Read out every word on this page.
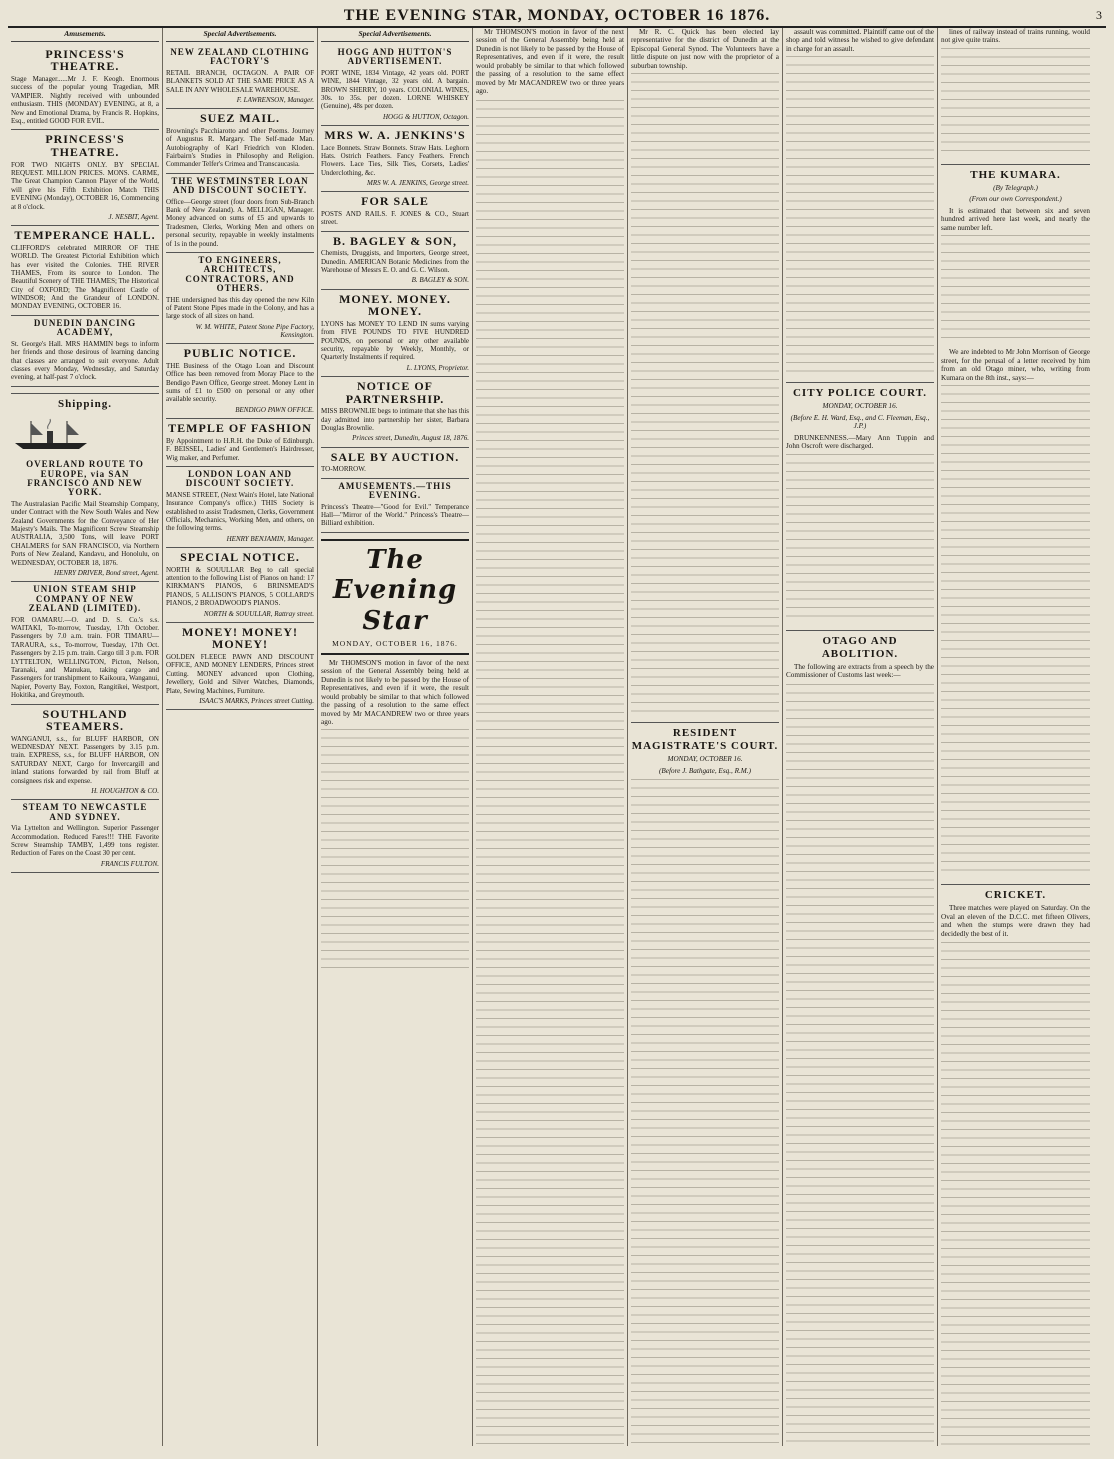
THE EVENING STAR, MONDAY, OCTOBER 16 1876.	3
Amusements.
PRINCESS'S THEATRE.
Stage Manager......Mr J. F. Keogh. Enormous success of the popular young Tragedian, MR VAMPIER. Nightly received with unbounded enthusiasm. THIS (MONDAY) EVENING, at 8, a New and Emotional Drama, by Francis R. Hopkins, Esq., entitled GOOD FOR EVIL.
PRINCESS'S THEATRE.
FOR TWO NIGHTS ONLY. BY SPECIAL REQUEST. MILLION PRICES. MONS. CARME, The Great Champion Cannon Player of the World, will give his Fifth Exhibition Match THIS EVENING (Monday), OCTOBER 16, Commencing at 8 o'clock.
J. NESBIT, Agent.
TEMPERANCE HALL.
CLIFFORD'S celebrated MIRROR OF THE WORLD. The Greatest Pictorial Exhibition which has ever visited the Colonies. THE RIVER THAMES, From its source to London. The Beautiful Scenery of THE THAMES; The Historical City of OXFORD; The Magnificent Castle of WINDSOR; And the Grandeur of LONDON. MONDAY EVENING, OCTOBER 16.
DUNEDIN DANCING ACADEMY,
St. George's Hall. MRS HAMMIN begs to inform her friends and those desirous of learning dancing that classes are arranged to suit everyone. Adult classes every Monday, Wednesday, and Saturday evening, at half-past 7 o'clock.
Shipping.
OVERLAND ROUTE TO EUROPE, via SAN FRANCISCO AND NEW YORK.
The Australasian Pacific Mail Steamship Company, under Contract with the New South Wales and New Zealand Governments for the Conveyance of Her Majesty's Mails. The Magnificent Screw Steamship AUSTRALIA, 3,500 Tons, will leave PORT CHALMERS for SAN FRANCISCO, via Northern Ports of New Zealand, Kandavu, and Honolulu, on WEDNESDAY, OCTOBER 18, 1876.
HENRY DRIVER, Bond street, Agent.
UNION STEAM SHIP COMPANY OF NEW ZEALAND (LIMITED).
FOR OAMARU.—O. and D. S. Co.'s s.s. WAITAKI, To-morrow, Tuesday, 17th October. Passengers by 7.0 a.m. train. FOR TIMARU—TARAURA, s.s., To-morrow, Tuesday, 17th Oct. Passengers by 2.15 p.m. train. Cargo till 3 p.m. FOR LYTTELTON, WELLINGTON, Picton, Nelson, Taranaki, and Manukau, taking cargo and Passengers for transhipment to Kaikoura, Wanganui, Napier, Poverty Bay, Foxton, Rangitikei, Westport, Hokitika, and Greymouth.
SOUTHLAND STEAMERS.
WANGANUI, s.s., for BLUFF HARBOR, ON WEDNESDAY NEXT. Passengers by 3.15 p.m. train. EXPRESS, s.s., for BLUFF HARBOR, ON SATURDAY NEXT, Cargo for Invercargill and inland stations forwarded by rail from Bluff at consignees risk and expense.
H. HOUGHTON & CO.
STEAM TO NEWCASTLE AND SYDNEY.
Via Lyttelton and Wellington. Superior Passenger Accommodation. Reduced Fares!!! THE Favorite Screw Steamship TAMBY, 1,499 tons register. Reduction of Fares on the Coast 30 per cent.
FRANCIS FULTON.
Special Advertisements.
NEW ZEALAND CLOTHING FACTORY'S
RETAIL BRANCH, OCTAGON. A PAIR OF BLANKETS SOLD AT THE SAME PRICE AS A SALE IN ANY WHOLESALE WAREHOUSE.
F. LAWRENSON, Manager.
SUEZ MAIL.
Browning's Pacchiarotto and other Poems. Journey of Augustus R. Margary. The Self-made Man. Autobiography of Karl Friedrich von Kloden. Fairbairn's Studies in Philosophy and Religion. Commander Telfer's Crimea and Transcaucasia.
THE WESTMINSTER LOAN AND DISCOUNT SOCIETY.
Office—George street (four doors from Sub-Branch Bank of New Zealand). A. MELLIGAN, Manager. Money advanced on sums of £5 and upwards to Tradesmen, Clerks, Working Men and others on personal security, repayable in weekly instalments of 1s in the pound.
TO ENGINEERS, ARCHITECTS, CONTRACTORS, AND OTHERS.
THE undersigned has this day opened the new Kiln of Patent Stone Pipes made in the Colony, and has a large stock of all sizes on hand.
W. M. WHITE, Patent Stone Pipe Factory, Kensington.
PUBLIC NOTICE.
THE Business of the Otago Loan and Discount Office has been removed from Moray Place to the Bendigo Pawn Office, George street. Money Lent in sums of £1 to £500 on personal or any other available security.
BENDIGO PAWN OFFICE.
TEMPLE OF FASHION
By Appointment to H.R.H. the Duke of Edinburgh. F. BEISSEL, Ladies' and Gentlemen's Hairdresser, Wig maker, and Perfumer.
LONDON LOAN AND DISCOUNT SOCIETY.
MANSE STREET, (Next Wain's Hotel, late National Insurance Company's office.) THIS Society is established to assist Tradesmen, Clerks, Government Officials, Mechanics, Working Men, and others, on the following terms.
HENRY BENJAMIN, Manager.
SPECIAL NOTICE.
NORTH & SOUULLAR Beg to call special attention to the following List of Pianos on hand: 17 KIRKMAN'S PIANOS, 6 BRINSMEAD'S PIANOS, 5 ALLISON'S PIANOS, 5 COLLARD'S PIANOS, 2 BROADWOOD'S PIANOS.
NORTH & SOUULLAR, Rattray street.
MONEY! MONEY! MONEY!
GOLDEN FLEECE PAWN AND DISCOUNT OFFICE, AND MONEY LENDERS, Princes street Cutting. MONEY advanced upon Clothing, Jewellery, Gold and Silver Watches, Diamonds, Plate, Sewing Machines, Furniture.
ISAAC'S MARKS, Princes street Cutting.
Special Advertisements.
HOGG AND HUTTON'S ADVERTISEMENT.
PORT WINE, 1834 Vintage, 42 years old. PORT WINE, 1844 Vintage, 32 years old. A bargain. BROWN SHERRY, 10 years. COLONIAL WINES, 30s. to 35s. per dozen. LORNE WHISKEY (Genuine), 48s per dozen.
HOGG & HUTTON, Octagon.
MRS W. A. JENKINS'S
Lace Bonnets. Straw Bonnets. Straw Hats. Leghorn Hats. Ostrich Feathers. Fancy Feathers. French Flowers. Lace Ties, Silk Ties, Corsets, Ladies' Underclothing, &c.
MRS W. A. JENKINS, George street.
FOR SALE
POSTS AND RAILS. F. JONES & CO., Stuart street.
B. BAGLEY & SON,
Chemists, Druggists, and Importers, George street, Dunedin. AMERICAN Botanic Medicines from the Warehouse of Messrs E. O. and G. C. Wilson.
B. BAGLEY & SON.
MONEY. MONEY. MONEY.
LYONS has MONEY TO LEND IN sums varying from FIVE POUNDS TO FIVE HUNDRED POUNDS, on personal or any other available security, repayable by Weekly, Monthly, or Quarterly Instalments if required.
L. LYONS, Proprietor.
NOTICE OF PARTNERSHIP.
MISS BROWNLIE begs to intimate that she has this day admitted into partnership her sister, Barbara Douglas Brownlie.
Princes street, Dunedin, August 18, 1876.
SALE BY AUCTION.
TO-MORROW.
AMUSEMENTS.—THIS EVENING.
Princess's Theatre—"Good for Evil." Temperance Hall—"Mirror of the World." Princess's Theatre—Billiard exhibition.
The Evening Star
MONDAY, OCTOBER 16, 1876.

Mr THOMSON'S motion in favor of the next session of the General Assembly being held at Dunedin is not likely to be passed by the House of Representatives, and even if it were, the result would probably be similar to that which followed the passing of a resolution to the same effect moved by Mr MACANDREW two or three years ago.

Mr THOMSON'S motion in favor of the next session of the General Assembly being held at Dunedin is not likely to be passed by the House of Representatives, and even if it were, the result would probably be similar to that which followed the passing of a resolution to the same effect moved by Mr MACANDREW two or three years ago.

Mr R. C. Quick has been elected lay representative for the district of Dunedin at the Episcopal General Synod. The Volunteers have a little dispute on just now with the proprietor of a suburban township.

RESIDENT MAGISTRATE'S COURT.
MONDAY, OCTOBER 16.
(Before J. Bathgate, Esq., R.M.)

assault was committed. Plaintiff came out of the shop and told witness he wished to give defendant in charge for an assault.

CITY POLICE COURT.
MONDAY, OCTOBER 16.
(Before E. H. Ward, Esq., and C. Fleeman, Esq., J.P.)

DRUNKENNESS.—Mary Ann Tuppin and John Oscroft were discharged.

OTAGO AND ABOLITION.

The following are extracts from a speech by the Commissioner of Customs last week:—

lines of railway instead of trains running, would not give quite trains.

THE KUMARA.
(By Telegraph.)
(From our own Correspondent.)

It is estimated that between six and seven hundred arrived here last week, and nearly the same number left.

We are indebted to Mr John Morrison of George street, for the perusal of a letter received by him from an old Otago miner, who, writing from Kumara on the 8th inst., says:—

CRICKET.

Three matches were played on Saturday. On the Oval an eleven of the D.C.C. met fifteen Olivers, and when the stumps were drawn they had decidedly the best of it.
